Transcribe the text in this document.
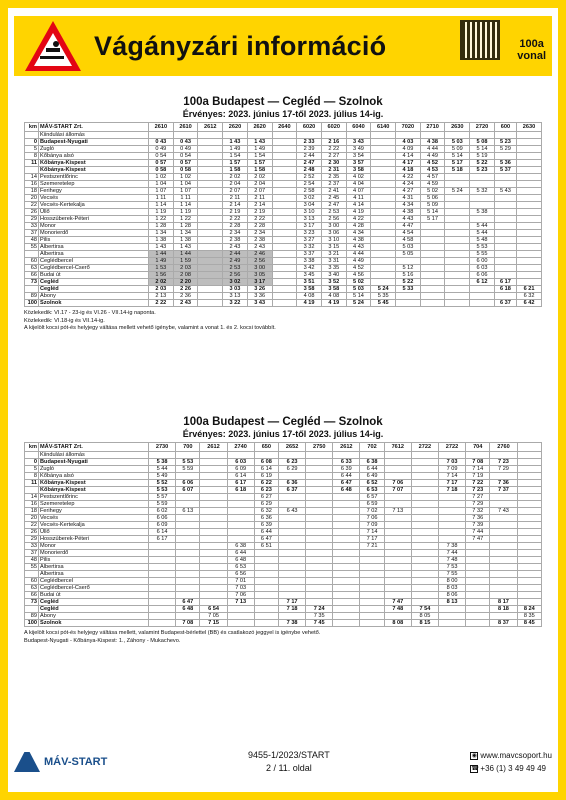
Vágányzári információ	100a
vonal
100a Budapest — Cegléd — Szolnok
Érvényes: 2023. június 17-től 2023. július 14-ig.
km	MÁV-START Zrt.	2610	2610	2612	2620	2620	2640	6020	6020	6040	6140	7020	2710	2630	2720	600	2630
	Kiindulási állomás																
0	Budapest-Nyugati	0 43	0 43		1 43	1 43		2 33	2 16	3 43		4 03	4 38	5 03	5 08	5 23	
5	Zugló	0 49	0 49		1 49	1 49		2 39	2 22	3 49		4 09	4 44	5 09	5 14	5 29	
8	Kőbánya alsó	0 54	0 54		1 54	1 54		2 44	2 27	3 54		4 14	4 49	5 14	5 19		
11	Kőbánya-Kispest	0 57	0 57		1 57	1 57		2 47	2 30	3 57		4 17	4 52	5 17	5 22	5 36	
	Kőbánya-Kispest	0 58	0 58		1 58	1 58		2 48	2 31	3 58		4 18	4 53	5 18	5 23	5 37	
14	Pestszentlőrinc	1 02	1 02		2 02	2 02		2 52	2 35	4 02		4 22	4 57				
16	Szemeretelep	1 04	1 04		2 04	2 04		2 54	2 37	4 04		4 24	4 59				
18	Ferihegy	1 07	1 07		2 07	2 07		2 58	2 41	4 07		4 27	5 02	5 24	5 32	5 43	
20	Vecsés	1 11	1 11		2 11	2 11		3 02	2 45	4 11		4 31	5 06				
22	Vecsés-Kertekalja	1 14	1 14		2 14	2 14		3 04	2 47	4 14		4 34	5 09				
26	Üllő	1 19	1 19		2 19	2 19		3 10	2 53	4 19		4 38	5 14		5 38		
29	Hosszúberek-Péteri	1 22	1 22		2 22	2 22		3 13	2 56	4 22		4 43	5 17				
33	Monor	1 28	1 28		2 28	2 28		3 17	3 00	4 28		4 47			5 44		
37	Monorierdő	1 34	1 34		2 34	2 34		3 23	3 06	4 34		4 54			5 44		
48	Pilis	1 38	1 38		2 38	2 38		3 27	3 10	4 38		4 58			5 48		
55	Albertirsa	1 43	1 43		2 43	2 43		3 32	3 15	4 43		5 03			5 53		
	Albertirsa	1 44	1 44		2 44	2 46		3 37	3 21	4 44		5 05			5 55		
60	Ceglédbercel	1 49	1 59		2 49	2 56		3 38	3 31	4 49					6 00		
63	Ceglédbercel-Cserő	1 53	2 03		2 53	3 00		3 42	3 35	4 52		5 12			6 03		
66	Budai út	1 56	2 08		2 56	3 05		3 45	3 40	4 56		5 16			6 06		
73	Cegléd	2 02	2 20		3 02	3 17		3 51	3 52	5 02		5 22			6 12	6 17	
	Cegléd	2 03	2 26		3 03	3 26		3 58	3 58	5 03	5 24	5 33				6 18	6 21
89	Abony	2 13	2 36		3 13	3 36		4 08	4 08	5 14	5 35						6 32
100	Szolnok	2 22	2 43		3 22	3 43		4 19	4 19	5 24	5 45					6 37	6 42
Közlekedik: VI.17 - 23-ig és VI.26 - VII.14-ig naponta.
Közlekedik: VI.18-ig és VII.14-ig.
A kijelölt kocsi pót-és helyjegy váltása mellett vehető igénybe, valamint a vonat 1. és 2. kocsi továbbít.
100a Budapest — Cegléd — Szolnok
Érvényes: 2023. június 17-től 2023. július 14-ig.
km	MÁV-START Zrt.	2730	700	2612	2740	650	2652	2750	2612	702	7612	2722	2722	704	2760	
	Kiindulási állomás															
0	Budapest-Nyugati	5 38	5 53		6 03	6 08	6 23		6 33	6 38			7 03	7 08	7 23	
5	Zugló	5 44	5 59		6 09	6 14	6 29		6 39	6 44			7 09	7 14	7 29	
8	Kőbánya alsó	5 49			6 14	6 19			6 44	6 49			7 14	7 19		
11	Kőbánya-Kispest	5 52	6 06		6 17	6 22	6 36		6 47	6 52	7 06		7 17	7 22	7 36	
	Kőbánya-Kispest	5 53	6 07		6 18	6 23	6 37		6 48	6 53	7 07		7 18	7 23	7 37	
14	Pestszentlőrinc	5 57				6 27				6 57				7 27		
16	Szemeretelep	5 59				6 29				6 59				7 29		
18	Ferihegy	6 02	6 13			6 32	6 43			7 02	7 13			7 32	7 43	
20	Vecsés	6 06				6 36				7 06				7 36		
22	Vecsés-Kertekalja	6 09				6 39				7 09				7 39		
26	Üllő	6 14				6 44				7 14				7 44		
29	Hosszúberek-Péteri	6 17				6 47				7 17				7 47		
33	Monor				6 38	6 51				7 21			7 38			
37	Monorierdő				6 44								7 44			
48	Pilis				6 48								7 48			
55	Albertirsa				6 53								7 53			
	Albertirsa				6 56								7 55			
60	Ceglédbercel				7 01								8 00			
63	Ceglédbercel-Cserő				7 03								8 03			
66	Budai út				7 06								8 06			
73	Cegléd		6 47		7 13		7 17				7 47		8 13		8 17	
	Cegléd		6 48	6 54			7 18	7 24			7 48	7 54			8 18	8 24
89	Abony			7 05				7 35				8 05				8 35
100	Szolnok		7 08	7 15			7 38	7 45			8 08	8 15			8 37	8 45
A kijelölt kocsi pót-és helyjegy váltása mellett, valamint Budapest-bérlettel (BB) és csatlakozó jeggyel is igénybe vehető.
Budapest-Nyugati - Kőbánya-Kispest: 1., Záhony - Mukachevo.
MÁV-START
9455-1/2023/START
2 / 11. oldal
◉ www.mavcsoport.hu
☎ +36 (1) 3 49 49 49
